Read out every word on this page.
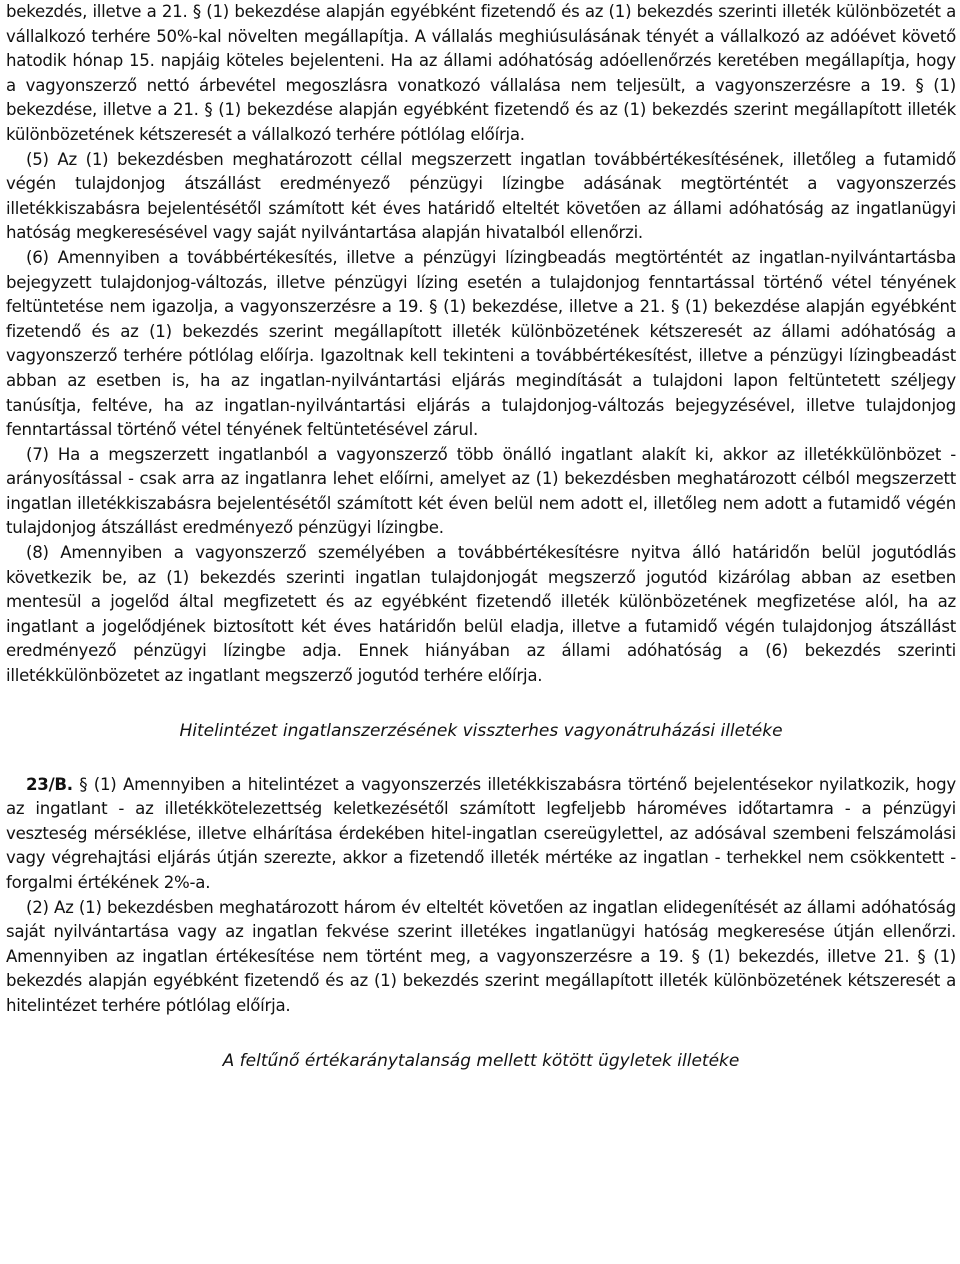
bekezdés, illetve a 21. § (1) bekezdése alapján egyébként fizetendő és az (1) bekezdés szerinti illeték különbözetét a vállalkozó terhére 50%-kal növelten megállapítja. A vállalás meghiúsulásának tényét a vállalkozó az adóévet követő hatodik hónap 15. napjáig köteles bejelenteni. Ha az állami adóhatóság adóellenőrzés keretében megállapítja, hogy a vagyonszerző nettó árbevétel megoszlásra vonatkozó vállalása nem teljesült, a vagyonszerzésre a 19. § (1) bekezdése, illetve a 21. § (1) bekezdése alapján egyébként fizetendő és az (1) bekezdés szerint megállapított illeték különbözetének kétszeresét a vállalkozó terhére pótlólag előírja.

(5) Az (1) bekezdésben meghatározott céllal megszerzett ingatlan továbbértékesítésének, illetőleg a futamidő végén tulajdonjog átszállást eredményező pénzügyi lízingbe adásának megtörténtét a vagyonszerzés illetékkiszabásra bejelentésétől számított két éves határidő elteltét követően az állami adóhatóság az ingatlanügyi hatóság megkeresésével vagy saját nyilvántartása alapján hivatalból ellenőrzi.

(6) Amennyiben a továbbértékesítés, illetve a pénzügyi lízingbeadás megtörténtét az ingatlan-nyilvántartásba bejegyzett tulajdonjog-változás, illetve pénzügyi lízing esetén a tulajdonjog fenntartással történő vétel tényének feltüntetése nem igazolja, a vagyonszerzésre a 19. § (1) bekezdése, illetve a 21. § (1) bekezdése alapján egyébként fizetendő és az (1) bekezdés szerint megállapított illeték különbözetének kétszeresét az állami adóhatóság a vagyonszerző terhére pótlólag előírja. Igazoltnak kell tekinteni a továbbértékesítést, illetve a pénzügyi lízingbeadást abban az esetben is, ha az ingatlan-nyilvántartási eljárás megindítását a tulajdoni lapon feltüntetett széljegy tanúsítja, feltéve, ha az ingatlan-nyilvántartási eljárás a tulajdonjog-változás bejegyzésével, illetve tulajdonjog fenntartással történő vétel tényének feltüntetésével zárul.

(7) Ha a megszerzett ingatlanból a vagyonszerző több önálló ingatlant alakít ki, akkor az illetékkülönbözet - arányosítással - csak arra az ingatlanra lehet előírni, amelyet az (1) bekezdésben meghatározott célból megszerzett ingatlan illetékkiszabásra bejelentésétől számított két éven belül nem adott el, illetőleg nem adott a futamidő végén tulajdonjog átszállást eredményező pénzügyi lízingbe.

(8) Amennyiben a vagyonszerző személyében a továbbértékesítésre nyitva álló határidőn belül jogutódlás következik be, az (1) bekezdés szerinti ingatlan tulajdonjogát megszerző jogutód kizárólag abban az esetben mentesül a jogelőd által megfizetett és az egyébként fizetendő illeték különbözetének megfizetése alól, ha az ingatlant a jogelődjének biztosított két éves határidőn belül eladja, illetve a futamidő végén tulajdonjog átszállást eredményező pénzügyi lízingbe adja. Ennek hiányában az állami adóhatóság a (6) bekezdés szerinti illetékkülönbözetet az ingatlant megszerző jogutód terhére előírja.

Hitelintézet ingatlanszerzésének visszterhes vagyonátruházási illetéke

23/B. § (1) Amennyiben a hitelintézet a vagyonszerzés illetékkiszabásra történő bejelentésekor nyilatkozik, hogy az ingatlant - az illetékkötelezettség keletkezésétől számított legfeljebb hároméves időtartamra - a pénzügyi veszteség mérséklése, illetve elhárítása érdekében hitel-ingatlan csereügylettel, az adósával szembeni felszámolási vagy végrehajtási eljárás útján szerezte, akkor a fizetendő illeték mértéke az ingatlan - terhekkel nem csökkentett - forgalmi értékének 2%-a.

(2) Az (1) bekezdésben meghatározott három év elteltét követően az ingatlan elidegenítését az állami adóhatóság saját nyilvántartása vagy az ingatlan fekvése szerint illetékes ingatlanügyi hatóság megkeresése útján ellenőrzi. Amennyiben az ingatlan értékesítése nem történt meg, a vagyonszerzésre a 19. § (1) bekezdés, illetve 21. § (1) bekezdés alapján egyébként fizetendő és az (1) bekezdés szerint megállapított illeték különbözetének kétszeresét a hitelintézet terhére pótlólag előírja.

A feltűnő értékaránytalanság mellett kötött ügyletek illetéke
